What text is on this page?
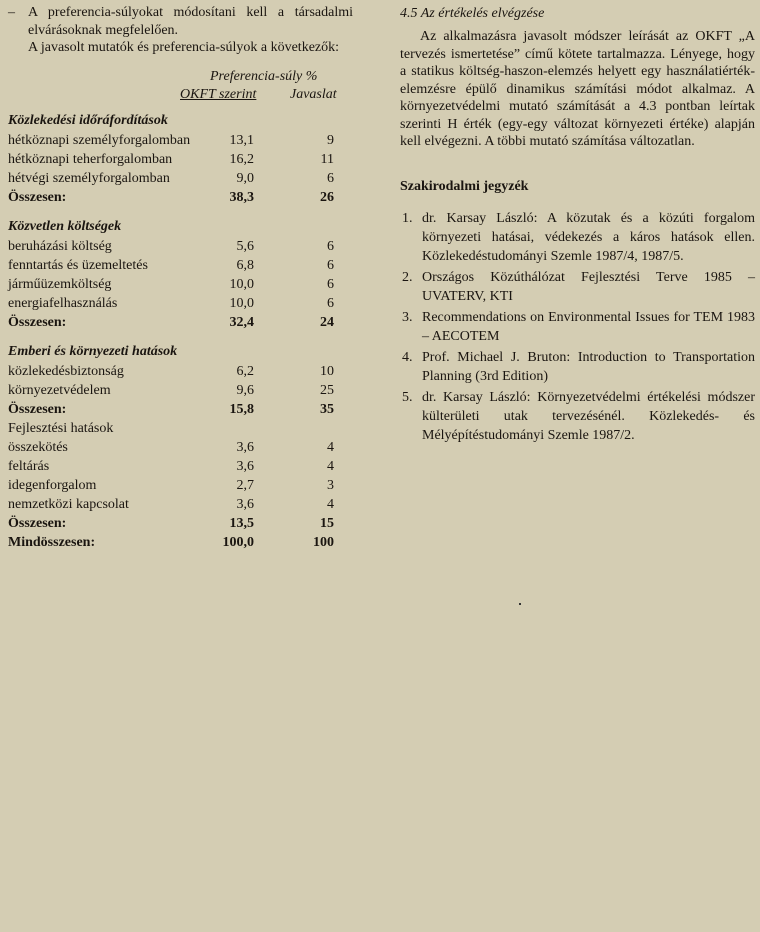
– A preferencia-súlyokat módosítani kell a társadalmi elvárásoknak megfelelően.
A javasolt mutatók és preferencia-súlyok a következők:
Preferencia-súly %
OKFT szerint Javaslat
Közlekedési időráfordítások
hétköznapi személyforgalomban	13,1	9
hétköznapi teherforgalomban	16,2	11
hétvégi személyforgalomban	9,0	6
Összesen:	38,3	26
Közvetlen költségek
beruházási költség	5,6	6
fenntartás és üzemeltetés	6,8	6
járműüzemköltség	10,0	6
energiafelhasználás	10,0	6
Összesen:	32,4	24
Emberi és környezeti hatások
közlekedésbiztonság	6,2	10
környezetvédelem	9,6	25
Összesen:	15,8	35
Fejlesztési hatások
összekötés	3,6	4
feltárás	3,6	4
idegenforgalom	2,7	3
nemzetközi kapcsolat	3,6	4
Összesen:	13,5	15
Mindösszesen:	100,0	100
4.5 Az értékelés elvégzése
Az alkalmazásra javasolt módszer leírását az OKFT „A tervezés ismertetése” című kötete tartalmazza. Lényege, hogy a statikus költség-haszon-elemzés helyett egy használatiérték-elemzésre épülő dinamikus számítási módot alkalmaz. A környezetvédelmi mutató számítását a 4.3 pontban leírtak szerinti H érték (egy-egy változat környezeti értéke) alapján kell elvégezni. A többi mutató számítása változatlan.
Szakirodalmi jegyzék
1. dr. Karsay László: A közutak és a közúti forgalom környezeti hatásai, védekezés a káros hatások ellen. Közlekedéstudományi Szemle 1987/4, 1987/5.
2. Országos Közúthálózat Fejlesztési Terve 1985 – UVATERV, KTI
3. Recommendations on Environmental Issues for TEM 1983 – AECOTEM
4. Prof. Michael J. Bruton: Introduction to Transportation Planning (3rd Edition)
5. dr. Karsay László: Környezetvédelmi értékelési módszer külterületi utak tervezésénél. Közlekedés- és Mélyépítéstudományi Szemle 1987/2.
